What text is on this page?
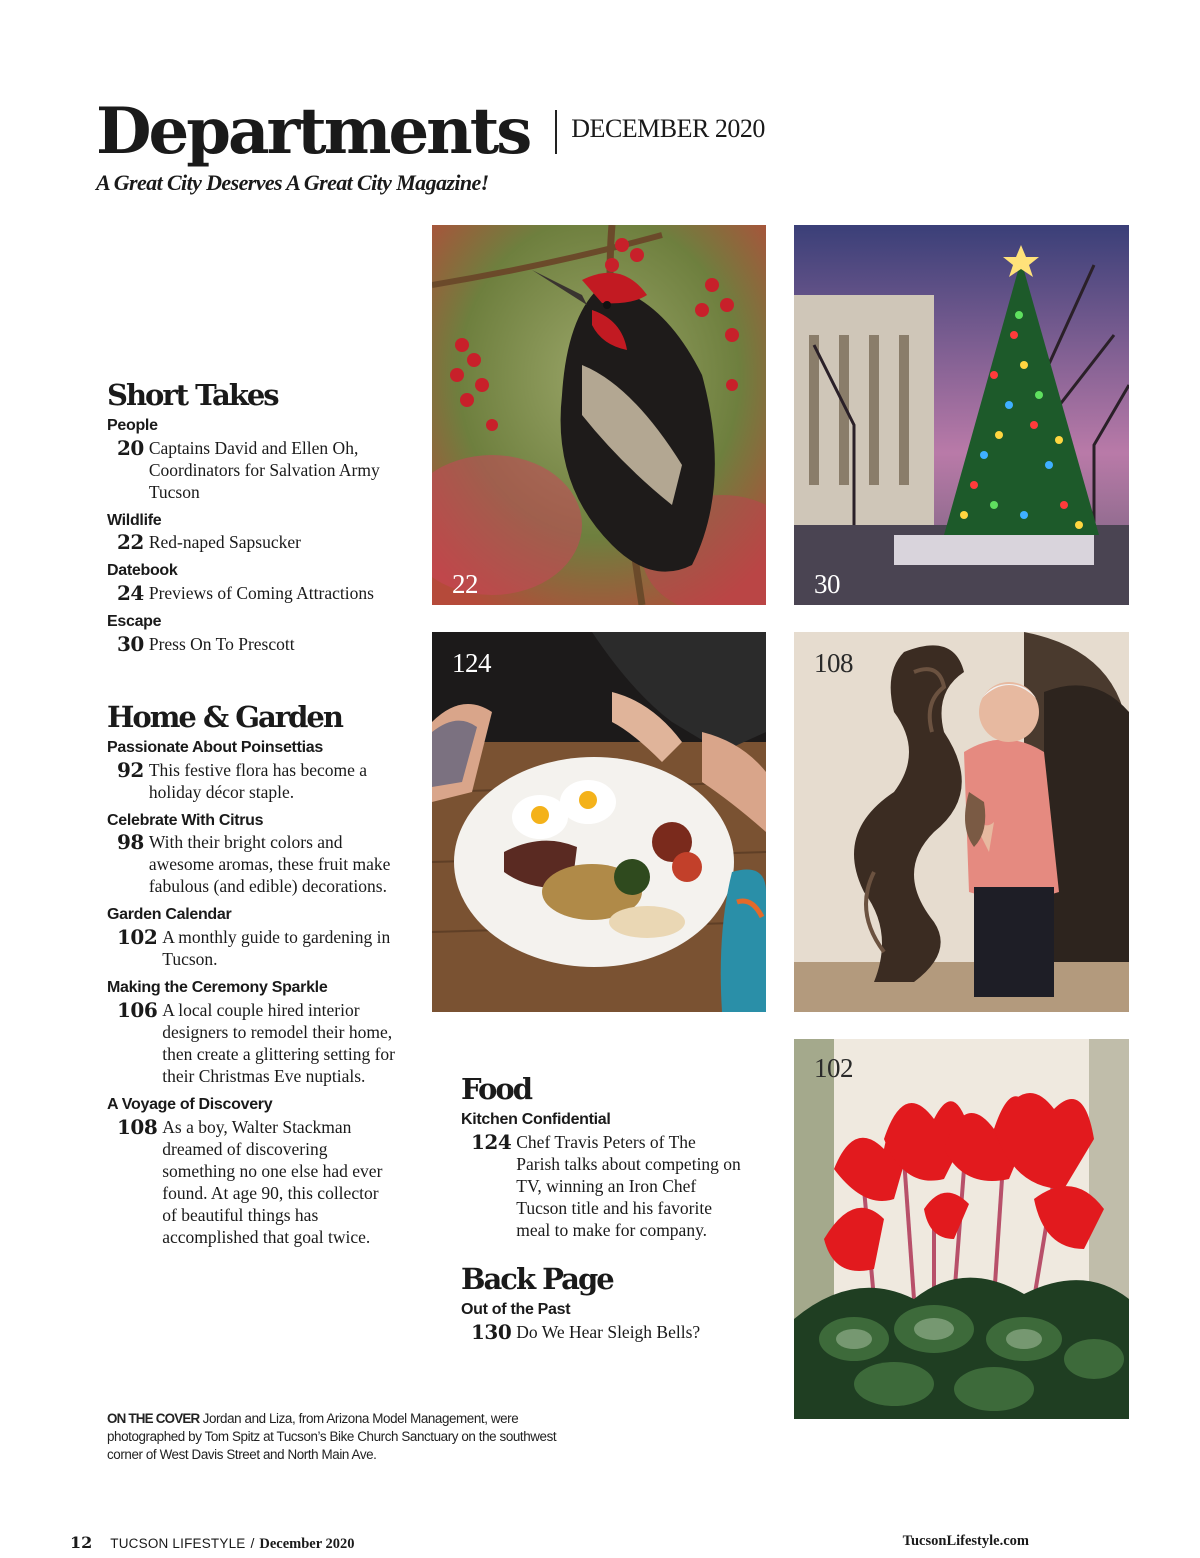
Departments DECEMBER 2020
A Great City Deserves A Great City Magazine!
Short Takes
People
20 Captains David and Ellen Oh, Coordinators for Salvation Army Tucson
Wildlife
22 Red-naped Sapsucker
Datebook
24 Previews of Coming Attractions
Escape
30 Press On To Prescott
Home & Garden
Passionate About Poinsettias
92 This festive flora has become a holiday décor staple.
Celebrate With Citrus
98 With their bright colors and awesome aromas, these fruit make fabulous (and edible) decorations.
Garden Calendar
102 A monthly guide to gardening in Tucson.
Making the Ceremony Sparkle
106 A local couple hired interior designers to remodel their home, then create a glittering setting for their Christmas Eve nuptials.
A Voyage of Discovery
108 As a boy, Walter Stackman dreamed of discovering something no one else had ever found. At age 90, this collector of beautiful things has accomplished that goal twice.
Food
Kitchen Confidential
124 Chef Travis Peters of The Parish talks about competing on TV, winning an Iron Chef Tucson title and his favorite meal to make for company.
Back Page
Out of the Past
130 Do We Hear Sleigh Bells?
22	30
124	108
102
ON THE COVER Jordan and Liza, from Arizona Model Management, were photographed by Tom Spitz at Tucson’s Bike Church Sanctuary on the southwest corner of West Davis Street and North Main Ave.
12 TUCSON LIFESTYLE / December 2020	TucsonLifestyle.com
